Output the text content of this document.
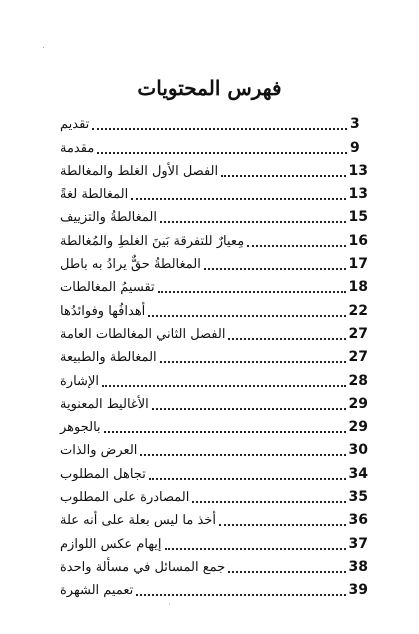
فهرس المحتويات
تقديم	3
مقدمة	9
الفصل الأول الغلط والمغالطة	13
المغالطة لغةً	13
المغالطةُ والتزييف	15
مِعيارٌ للتفرقة بَينَ الغلطِ والمُغالطة	16
المغالطةُ حقٌّ يرادُ به باطل	17
تقسيمُ المغالطات	18
أهدافُها وفوائدُها	22
الفصل الثاني المغالطات العامة	27
المغالطة والطبيعة	27
الإشارة	28
الأغاليط المعنوية	29
بالجوهر	29
العرض والذات	30
تجاهل المطلوب	34
المصادرة على المطلوب	35
أخذ ما ليس بعلة على أنه علة	36
إيهام عكس اللوازم	37
جمع المسائل في مسألة واحدة	38
تعميم الشهرة	39
.
·
